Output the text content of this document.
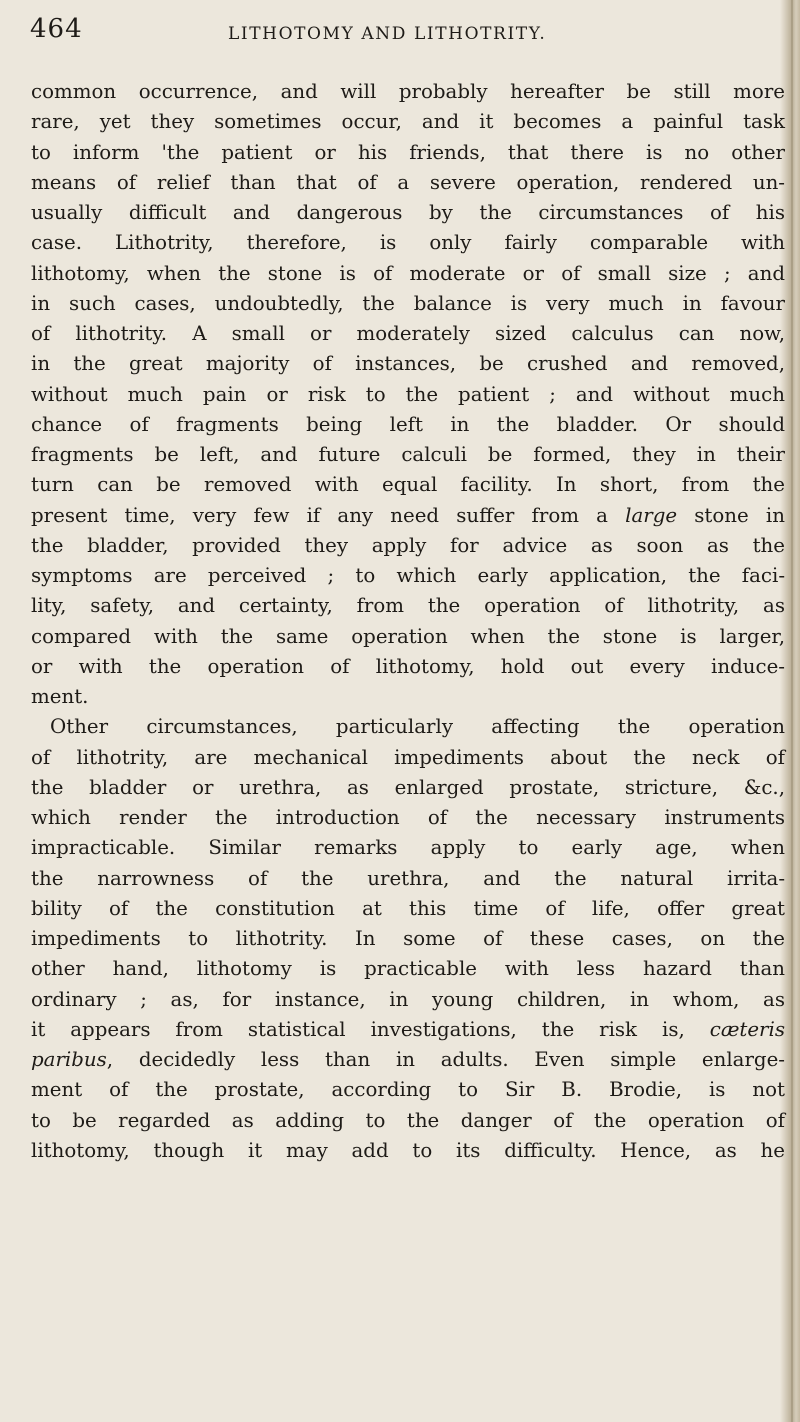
464	LITHOTOMY AND LITHOTRITY.
common occurrence, and will probably hereafter be still more
rare, yet they sometimes occur, and it becomes a painful task
to inform 'the patient or his friends, that there is no other
means of relief than that of a severe operation, rendered un-
usually difficult and dangerous by the circumstances of his
case. Lithotrity, therefore, is only fairly comparable with
lithotomy, when the stone is of moderate or of small size ; and
in such cases, undoubtedly, the balance is very much in favour
of lithotrity. A small or moderately sized calculus can now,
in the great majority of instances, be crushed and removed,
without much pain or risk to the patient ; and without much
chance of fragments being left in the bladder. Or should
fragments be left, and future calculi be formed, they in their
turn can be removed with equal facility. In short, from the
present time, very few if any need suffer from a large stone in
the bladder, provided they apply for advice as soon as the
symptoms are perceived ; to which early application, the faci-
lity, safety, and certainty, from the operation of lithotrity, as
compared with the same operation when the stone is larger,
or with the operation of lithotomy, hold out every induce-
ment.
Other circumstances, particularly affecting the operation
of lithotrity, are mechanical impediments about the neck of
the bladder or urethra, as enlarged prostate, stricture, &c.,
which render the introduction of the necessary instruments
impracticable. Similar remarks apply to early age, when
the narrowness of the urethra, and the natural irrita-
bility of the constitution at this time of life, offer great
impediments to lithotrity. In some of these cases, on the
other hand, lithotomy is practicable with less hazard than
ordinary ; as, for instance, in young children, in whom, as
it appears from statistical investigations, the risk is, cæteris
paribus, decidedly less than in adults. Even simple enlarge-
ment of the prostate, according to Sir B. Brodie, is not
to be regarded as adding to the danger of the operation of
lithotomy, though it may add to its difficulty. Hence, as he
